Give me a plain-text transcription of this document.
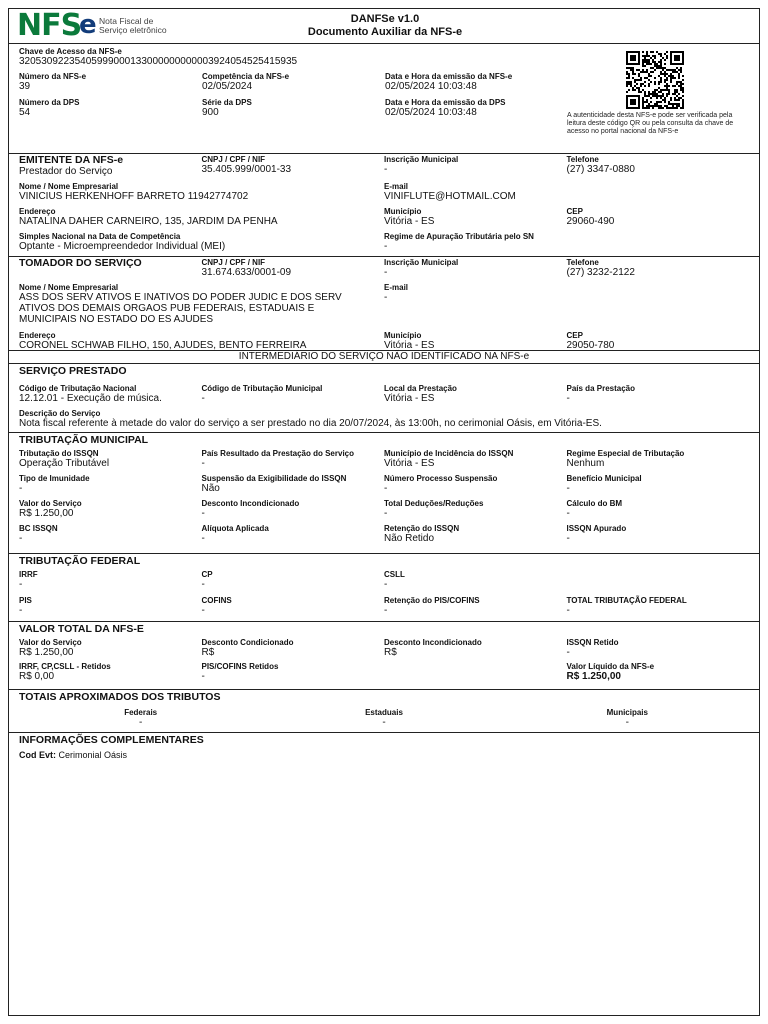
NFS
e Nota Fiscal de
Serviço eletrônico
DANFSe v1.0
Documento Auxiliar da NFS-e
Chave de Acesso da NFS-e
32053092235405999000133000000000003924054525415935
Número da NFS-e
39
Competência da NFS-e
02/05/2024
Data e Hora da emissão da NFS-e
02/05/2024 10:03:48
Número da DPS
54
Série da DPS
900
Data e Hora da emissão da DPS
02/05/2024 10:03:48	A autenticidade desta NFS-e pode ser verificada pela leitura deste código QR ou pela consulta da chave de acesso no portal nacional da NFS-e
EMITENTE DA NFS-e
Prestador do Serviço
CNPJ / CPF / NIF
35.405.999/0001-33
Inscrição Municipal
-
Telefone
(27) 3347-0880
Nome / Nome Empresarial
VINICIUS HERKENHOFF BARRETO 11942774702
E-mail
VINIFLUTE@HOTMAIL.COM
Endereço
NATALINA DAHER CARNEIRO, 135, JARDIM DA PENHA
Município
Vitória - ES
CEP
29060-490
Simples Nacional na Data de Competência
Optante - Microempreendedor Individual (MEI)
Regime de Apuração Tributária pelo SN
-
TOMADOR DO SERVIÇO	CNPJ / CPF / NIF
31.674.633/0001-09
Inscrição Municipal
-
Telefone
(27) 3232-2122
Nome / Nome Empresarial
ASS DOS SERV ATIVOS E INATIVOS DO PODER JUDIC E DOS SERV
ATIVOS DOS DEMAIS ORGAOS PUB FEDERAIS, ESTADUAIS E
MUNICIPAIS NO ESTADO DO ES AJUDES
E-mail
-
Endereço
CORONEL SCHWAB FILHO, 150, AJUDES, BENTO FERREIRA
Município
Vitória - ES
CEP
29050-780
INTERMEDIÁRIO DO SERVIÇO NÃO IDENTIFICADO NA NFS-e
SERVIÇO PRESTADO
Código de Tributação Nacional
12.12.01 - Execução de música.
Código de Tributação Municipal
-
Local da Prestação
Vitória - ES
País da Prestação
-
Descrição do Serviço
Nota fiscal referente à metade do valor do serviço a ser prestado no dia 20/07/2024, às 13:00h, no cerimonial Oásis, em Vitória-ES.
TRIBUTAÇÃO MUNICIPAL
Tributação do ISSQN
Operação Tributável
País Resultado da Prestação do Serviço
-
Município de Incidência do ISSQN
Vitória - ES
Regime Especial de Tributação
Nenhum
Tipo de Imunidade
-
Suspensão da Exigibilidade do ISSQN
Não
Número Processo Suspensão
-
Benefício Municipal
-
Valor do Serviço
R$ 1.250,00
Desconto Incondicionado
-
Total Deduções/Reduções
-
Cálculo do BM
-
BC ISSQN
-
Alíquota Aplicada
-
Retenção do ISSQN
Não Retido
ISSQN Apurado
-
TRIBUTAÇÃO FEDERAL
IRRF
-
CP
-
CSLL
-
PIS
-
COFINS
-
Retenção do PIS/COFINS
-
TOTAL TRIBUTAÇÃO FEDERAL
-
VALOR TOTAL DA NFS-E
Valor do Serviço
R$ 1.250,00
Desconto Condicionado
R$
Desconto Incondicionado
R$
ISSQN Retido
-
IRRF, CP,CSLL - Retidos
R$ 0,00
PIS/COFINS Retidos
-
Valor Líquido da NFS-e
R$ 1.250,00
TOTAIS APROXIMADOS DOS TRIBUTOS
Federais
-
Estaduais
-
Municipais
-
INFORMAÇÕES COMPLEMENTARES
Cod Evt: Cerimonial Oásis
